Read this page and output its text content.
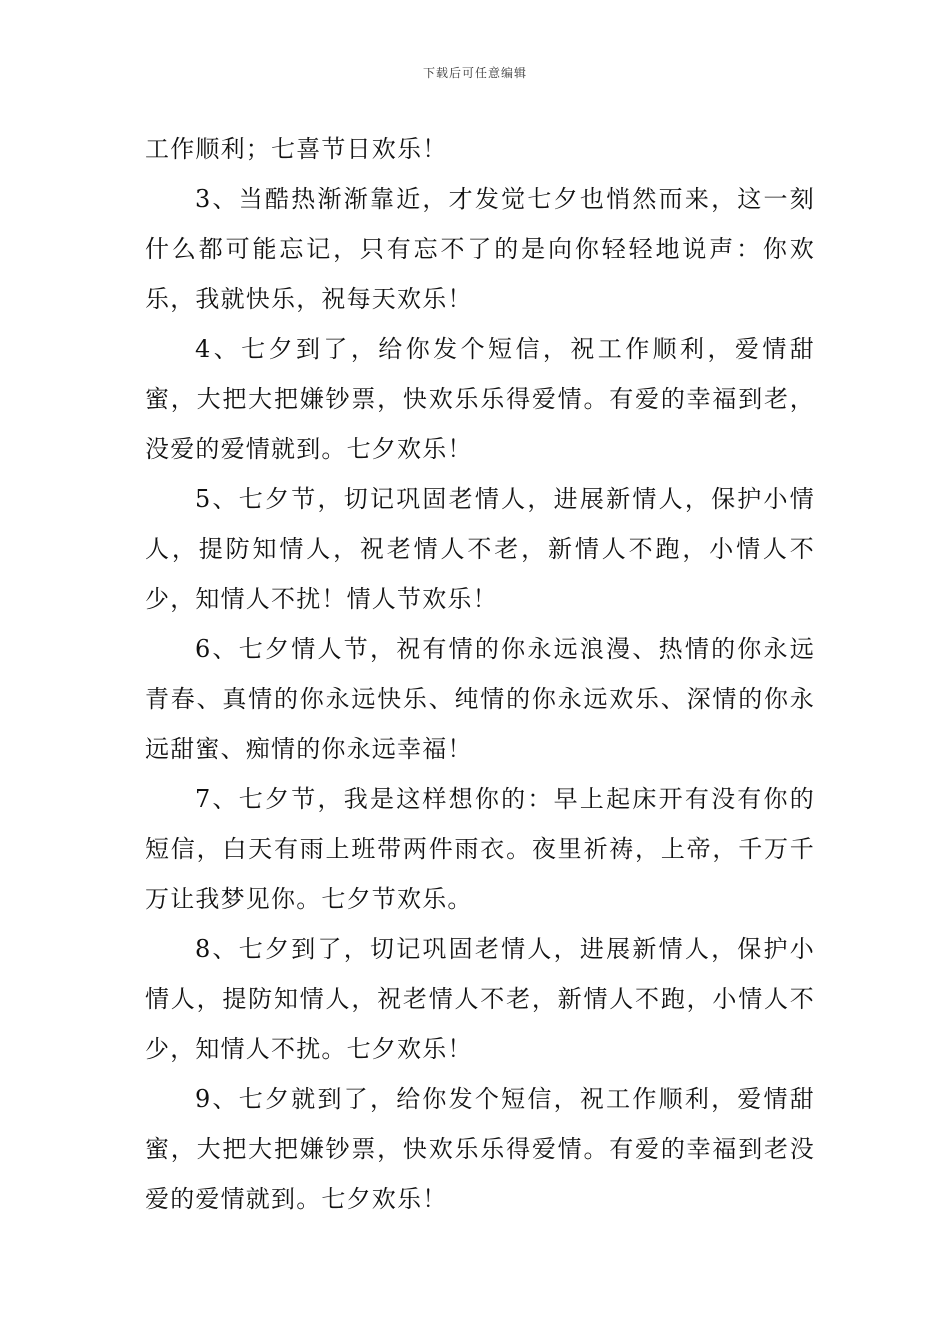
下载后可任意编辑

工作顺利；七喜节日欢乐！

3、当酷热渐渐靠近，才发觉七夕也悄然而来，这一刻什么都可能忘记，只有忘不了的是向你轻轻地说声：你欢乐，我就快乐，祝每天欢乐！

4、七夕到了，给你发个短信，祝工作顺利，爱情甜蜜，大把大把嫌钞票，快欢乐乐得爱情。有爱的幸福到老，没爱的爱情就到。七夕欢乐！

5、七夕节，切记巩固老情人，进展新情人，保护小情人，提防知情人，祝老情人不老，新情人不跑，小情人不少，知情人不扰！情人节欢乐！

6、七夕情人节，祝有情的你永远浪漫、热情的你永远青春、真情的你永远快乐、纯情的你永远欢乐、深情的你永远甜蜜、痴情的你永远幸福！

7、七夕节，我是这样想你的：早上起床开有没有你的短信，白天有雨上班带两件雨衣。夜里祈祷，上帝，千万千万让我梦见你。七夕节欢乐。

8、七夕到了，切记巩固老情人，进展新情人，保护小情人，提防知情人，祝老情人不老，新情人不跑，小情人不少，知情人不扰。七夕欢乐！

9、七夕就到了，给你发个短信，祝工作顺利，爱情甜蜜，大把大把嫌钞票，快欢乐乐得爱情。有爱的幸福到老没爱的爱情就到。七夕欢乐！
